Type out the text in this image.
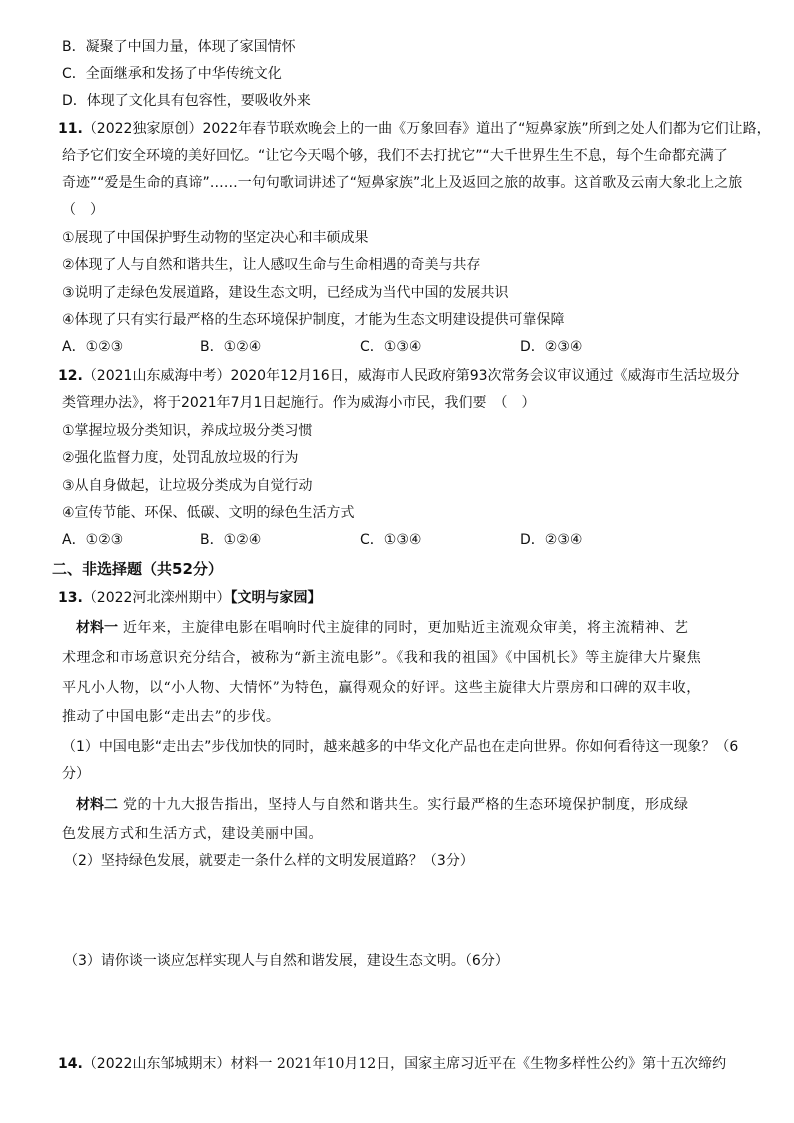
B．凝聚了中国力量，体现了家国情怀
C．全面继承和发扬了中华传统文化
D．体现了文化具有包容性，要吸收外来
11.（2022独家原创）2022年春节联欢晚会上的一曲《万象回春》道出了“短鼻家族”所到之处人们都为它们让路，
给予它们安全环境的美好回忆。“让它今天喝个够，我们不去打扰它”“大千世界生生不息，每个生命都充满了
奇迹”“爱是生命的真谛”……一句句歌词讲述了“短鼻家族”北上及返回之旅的故事。这首歌及云南大象北上之旅
（　）
①展现了中国保护野生动物的坚定决心和丰硕成果
②体现了人与自然和谐共生，让人感叹生命与生命相遇的奇美与共存
③说明了走绿色发展道路，建设生态文明，已经成为当代中国的发展共识
④体现了只有实行最严格的生态环境保护制度，才能为生态文明建设提供可靠保障
A．①②③	B．①②④	C．①③④	D．②③④
12.（2021山东威海中考）2020年12月16日，威海市人民政府第93次常务会议审议通过《威海市生活垃圾分
类管理办法》，将于2021年7月1日起施行。作为威海小市民，我们要　（　）
①掌握垃圾分类知识，养成垃圾分类习惯
②强化监督力度，处罚乱放垃圾的行为
③从自身做起，让垃圾分类成为自觉行动
④宣传节能、环保、低碳、文明的绿色生活方式
A．①②③	B．①②④	C．①③④	D．②③④
二、非选择题（共52分）
13.（2022河北滦州期中）【文明与家园】
材料一 近年来，主旋律电影在唱响时代主旋律的同时，更加贴近主流观众审美，将主流精神、艺
术理念和市场意识充分结合，被称为“新主流电影”。《我和我的祖国》《中国机长》等主旋律大片聚焦
平凡小人物，以“小人物、大情怀”为特色，赢得观众的好评。这些主旋律大片票房和口碑的双丰收，
推动了中国电影“走出去”的步伐。
（1）中国电影“走出去”步伐加快的同时，越来越多的中华文化产品也在走向世界。你如何看待这一现象？（6
分）
材料二 党的十九大报告指出，坚持人与自然和谐共生。实行最严格的生态环境保护制度，形成绿
色发展方式和生活方式，建设美丽中国。
（2）坚持绿色发展，就要走一条什么样的文明发展道路？（3分）
（3）请你谈一谈应怎样实现人与自然和谐发展，建设生态文明。（6分）
14.（2022山东邹城期末）材料一 2021年10月12日，国家主席习近平在《生物多样性公约》第十五次缔约
